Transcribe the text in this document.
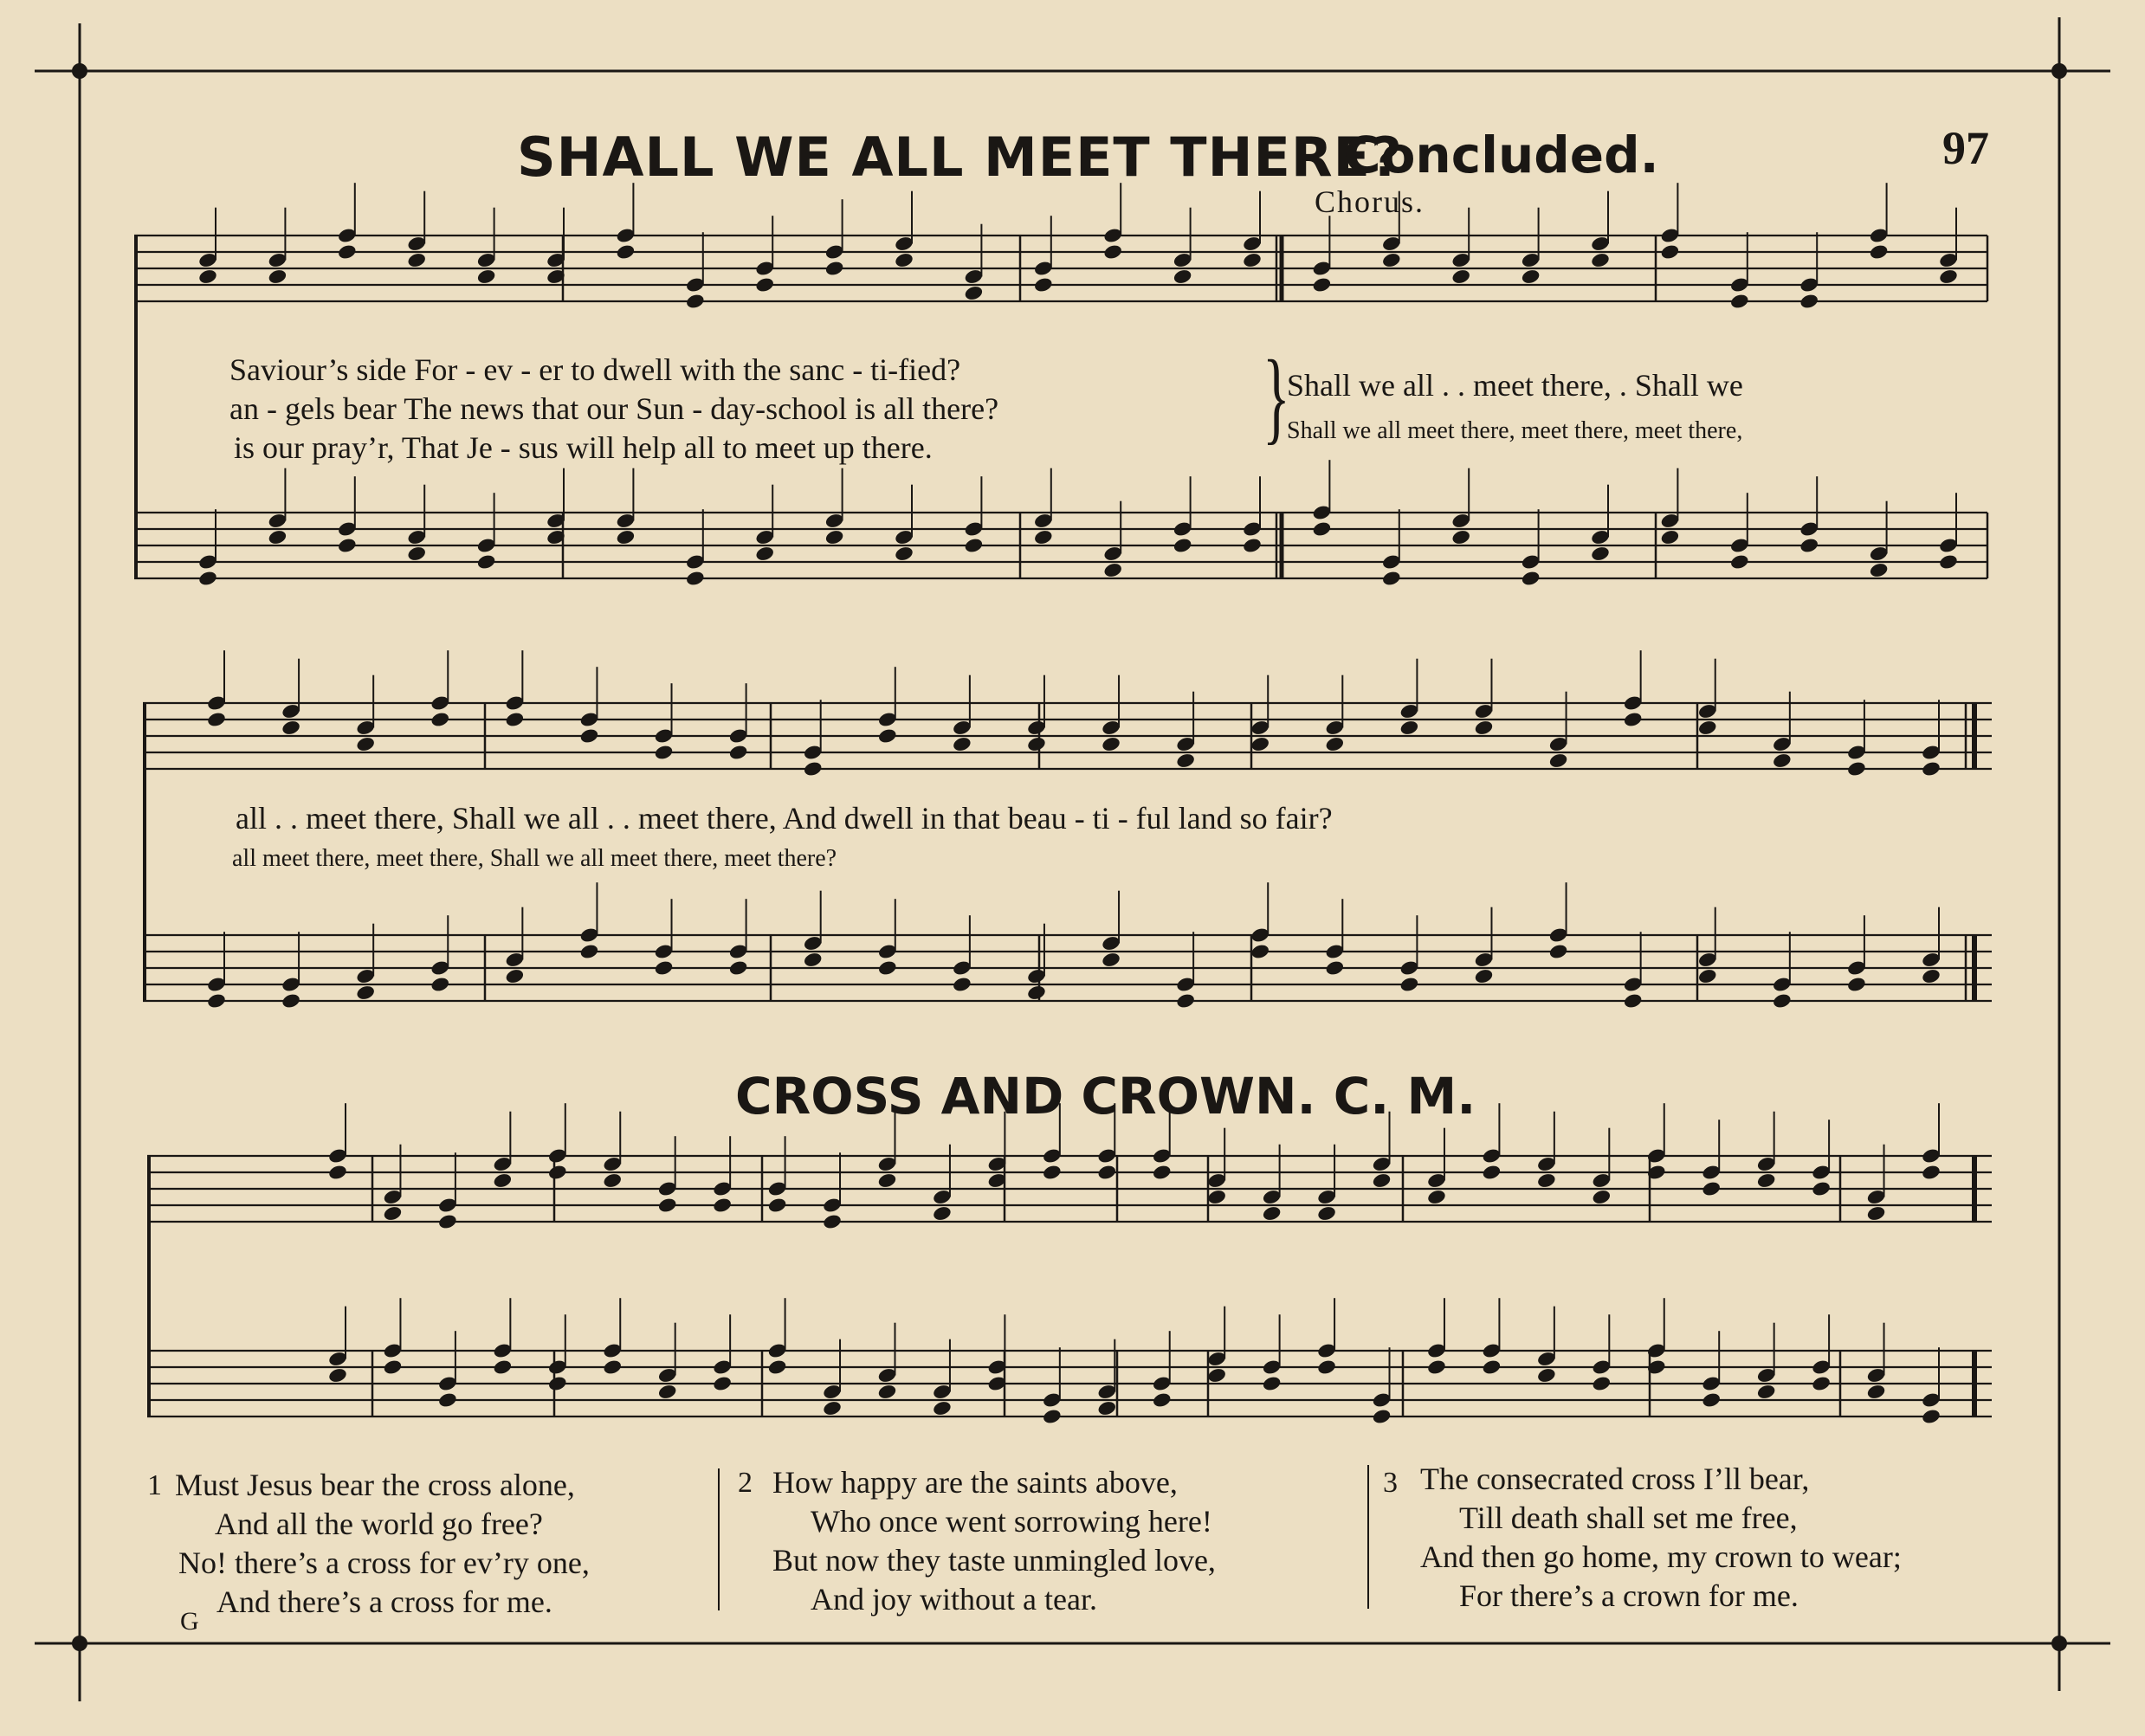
SHALL WE ALL MEET THERE?
Concluded.	97
Chorus.
Saviour’s side For - ev - er to dwell with the sanc - ti-fied?
an - gels bear The news that our Sun - day-school is all there?
is our pray’r, That Je - sus will help all to meet up there.	}
Shall we all . . meet there, . Shall we
Shall we all meet there, meet there, meet there,
all . . meet there, Shall we all . . meet there, And dwell in that beau - ti - ful land so fair?
all meet there, meet there, Shall we all meet there, meet there?
CROSS AND CROWN. C. M.
1 Must Jesus bear the cross alone,
And all the world go free?
No! there’s a cross for ev’ry one,
And there’s a cross for me.
2 How happy are the saints above,
Who once went sorrowing here!
But now they taste unmingled love,
And joy without a tear.
3 The consecrated cross I’ll bear,
Till death shall set me free,
And then go home, my crown to wear;
For there’s a crown for me.
G
